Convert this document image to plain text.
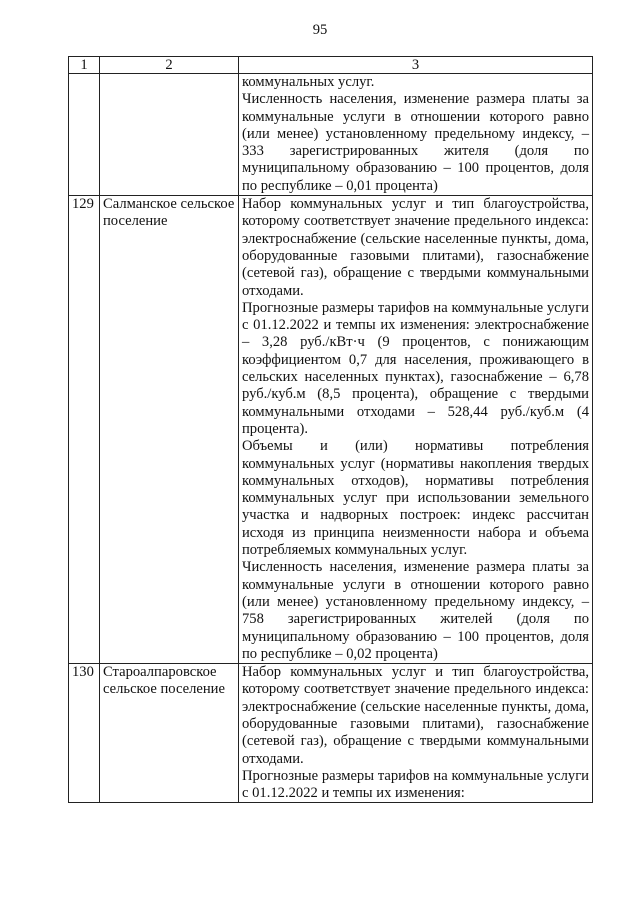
95
1	2	3

		коммунальных услуг.
Численность населения, изменение размера платы за коммунальные услуги в отношении которого равно (или менее) установленному предельному индексу, – 333 зарегистрированных жителя (доля по муниципальному образованию – 100 процентов, доля по республике – 0,01 процента)

129	Салманское сельское поселение	Набор коммунальных услуг и тип благоустройства, которому соответствует значение предельного индекса: электроснабжение (сельские населенные пункты, дома, оборудованные газовыми плитами), газоснабжение (сетевой газ), обращение с твердыми коммунальными отходами.
Прогнозные размеры тарифов на коммунальные услуги с 01.12.2022 и темпы их изменения: электроснабжение – 3,28 руб./кВт·ч (9 процентов, с понижающим коэффициентом 0,7 для населения, проживающего в сельских населенных пунктах), газоснабжение – 6,78 руб./куб.м (8,5 процента), обращение с твердыми коммунальными отходами – 528,44 руб./куб.м (4 процента).
Объемы и (или) нормативы потребления коммунальных услуг (нормативы накопления твердых коммунальных отходов), нормативы потребления коммунальных услуг при использовании земельного участка и надворных построек: индекс рассчитан исходя из принципа неизменности набора и объема потребляемых коммунальных услуг.
Численность населения, изменение размера платы за коммунальные услуги в отношении которого равно (или менее) установленному предельному индексу, – 758 зарегистрированных жителей (доля по муниципальному образованию – 100 процентов, доля по республике – 0,02 процента)

130	Староалпаровское сельское поселение	Набор коммунальных услуг и тип благоустройства, которому соответствует значение предельного индекса: электроснабжение (сельские населенные пункты, дома, оборудованные газовыми плитами), газоснабжение (сетевой газ), обращение с твердыми коммунальными отходами.
Прогнозные размеры тарифов на коммунальные услуги с 01.12.2022 и темпы их изменения:
